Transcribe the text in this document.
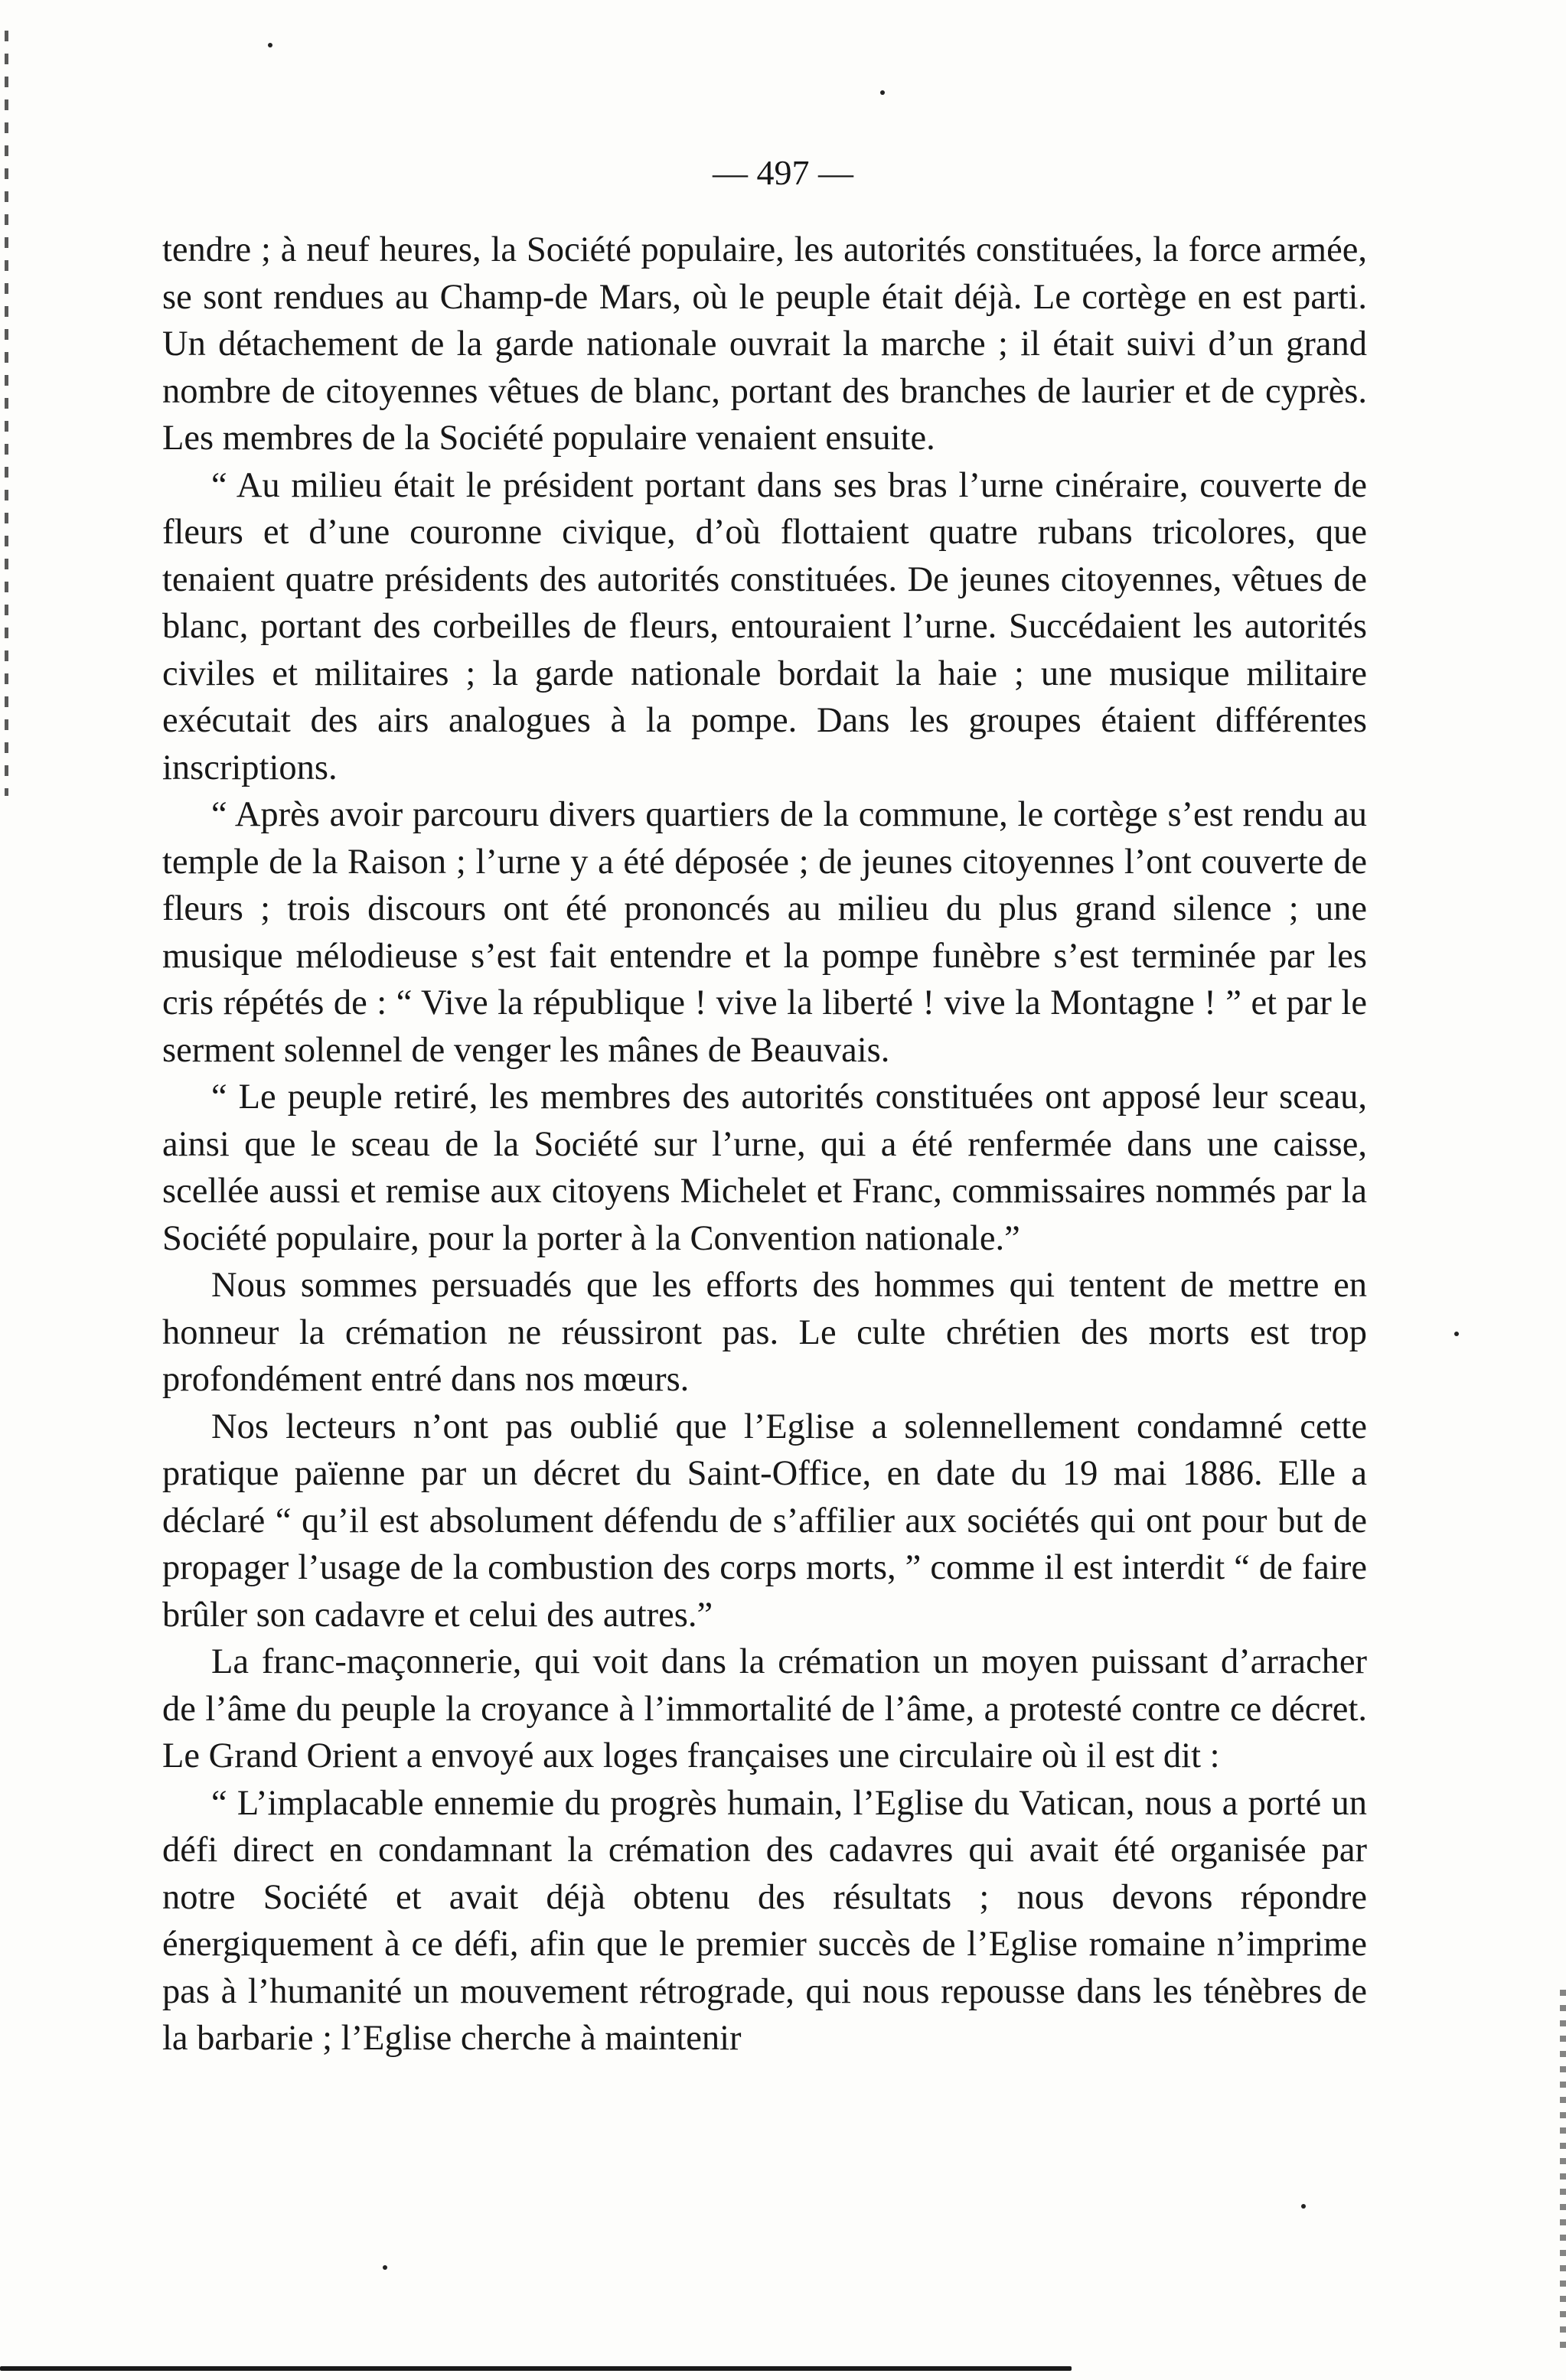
— 497 —

tendre ; à neuf heures, la Société populaire, les autorités constituées, la force armée, se sont rendues au Champ-de Mars, où le peuple était déjà. Le cortège en est parti. Un détachement de la garde nationale ouvrait la marche ; il était suivi d’un grand nombre de citoyennes vêtues de blanc, portant des branches de laurier et de cyprès. Les membres de la Société populaire venaient ensuite.

“ Au milieu était le président portant dans ses bras l’urne cinéraire, couverte de fleurs et d’une couronne civique, d’où flottaient quatre rubans tricolores, que tenaient quatre présidents des autorités constituées. De jeunes citoyennes, vêtues de blanc, portant des corbeilles de fleurs, entouraient l’urne. Succédaient les autorités civiles et militaires ; la garde nationale bordait la haie ; une musique militaire exécutait des airs analogues à la pompe. Dans les groupes étaient différentes inscriptions.

“ Après avoir parcouru divers quartiers de la commune, le cortège s’est rendu au temple de la Raison ; l’urne y a été déposée ; de jeunes citoyennes l’ont couverte de fleurs ; trois discours ont été prononcés au milieu du plus grand silence ; une musique mélodieuse s’est fait entendre et la pompe funèbre s’est terminée par les cris répétés de : “ Vive la république ! vive la liberté ! vive la Montagne ! ” et par le serment solennel de venger les mânes de Beauvais.

“ Le peuple retiré, les membres des autorités constituées ont apposé leur sceau, ainsi que le sceau de la Société sur l’urne, qui a été renfermée dans une caisse, scellée aussi et remise aux citoyens Michelet et Franc, commissaires nommés par la Société populaire, pour la porter à la Convention nationale.”

Nous sommes persuadés que les efforts des hommes qui tentent de mettre en honneur la crémation ne réussiront pas. Le culte chrétien des morts est trop profondément entré dans nos mœurs.

Nos lecteurs n’ont pas oublié que l’Eglise a solennellement condamné cette pratique païenne par un décret du Saint-Office, en date du 19 mai 1886. Elle a déclaré “ qu’il est absolument défendu de s’affilier aux sociétés qui ont pour but de propager l’usage de la combustion des corps morts, ” comme il est interdit “ de faire brûler son cadavre et celui des autres.”

La franc-maçonnerie, qui voit dans la crémation un moyen puissant d’arracher de l’âme du peuple la croyance à l’immortalité de l’âme, a protesté contre ce décret. Le Grand Orient a envoyé aux loges françaises une circulaire où il est dit :

“ L’implacable ennemie du progrès humain, l’Eglise du Vatican, nous a porté un défi direct en condamnant la crémation des cadavres qui avait été organisée par notre Société et avait déjà obtenu des résultats ; nous devons répondre énergiquement à ce défi, afin que le premier succès de l’Eglise romaine n’imprime pas à l’humanité un mouvement rétrograde, qui nous repousse dans les ténèbres de la barbarie ; l’Eglise cherche à maintenir
